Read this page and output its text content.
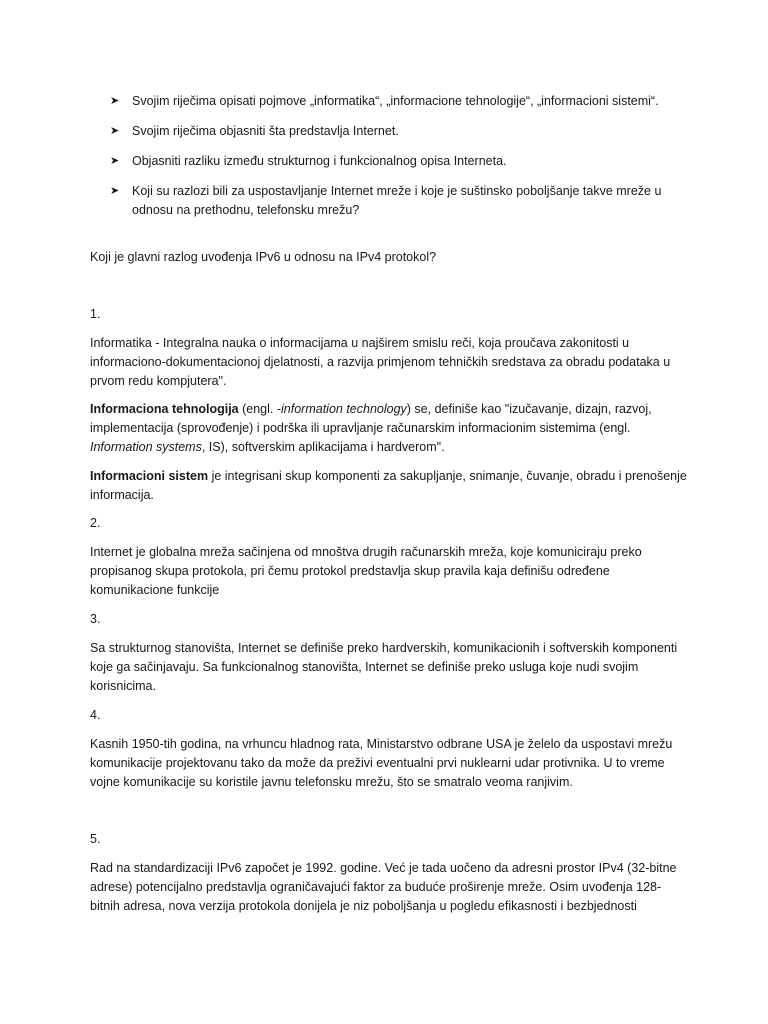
➤	Svojim riječima opisati pojmove „informatika“, „informacione tehnologije“, „informacioni sistemi“.
➤	Svojim riječima objasniti šta predstavlja Internet.
➤	Objasniti razliku između strukturnog i funkcionalnog opisa Interneta.
➤	Koji su razlozi bili za uspostavljanje Internet mreže i koje je suštinsko poboljšanje takve mreže u odnosu na prethodnu, telefonsku mrežu?

Koji je glavni razlog uvođenja IPv6 u odnosu na IPv4 protokol?

1.

Informatika - Integralna nauka o informacijama u najširem smislu reči, koja proučava zakonitosti u informaciono-dokumentacionoj djelatnosti, a razvija primjenom tehničkih sredstava za obradu podataka u prvom redu kompjutera".

Informaciona tehnologija (engl. -information technology) se, definiše kao "izučavanje, dizajn, razvoj, implementacija (sprovođenje) i podrška ili upravljanje računarskim informacionim sistemima (engl. Information systems, IS), softverskim aplikacijama i hardverom".

Informacioni sistem je integrisani skup komponenti za sakupljanje, snimanje, čuvanje, obradu i prenošenje informacija.

2.

Internet je globalna mreža sačinjena od mnoštva drugih računarskih mreža, koje komuniciraju preko propisanog skupa protokola, pri čemu protokol predstavlja skup pravila kaja definišu određene komunikacione funkcije

3.

Sa strukturnog stanovišta, Internet se definiše preko hardverskih, komunikacionih i softverskih komponenti koje ga sačinjavaju. Sa funkcionalnog stanovišta, Internet se definiše preko usluga koje nudi svojim korisnicima.

4.

Kasnih 1950-tih godina, na vrhuncu hladnog rata, Ministarstvo odbrane USA je želelo da uspostavi mrežu komunikacije projektovanu tako da može da preživi eventualni prvi nuklearni udar protivnika. U to vreme vojne komunikacije su koristile javnu telefonsku mrežu, što se smatralo veoma ranjivim.

5.

Rad na standardizaciji IPv6 započet je 1992. godine. Već je tada uočeno da adresni prostor IPv4 (32-bitne adrese) potencijalno predstavlja ograničavajući faktor za buduće proširenje mreže. Osim uvođenja 128-bitnih adresa, nova verzija protokola donijela je niz poboljšanja u pogledu efikasnosti i bezbjednosti
